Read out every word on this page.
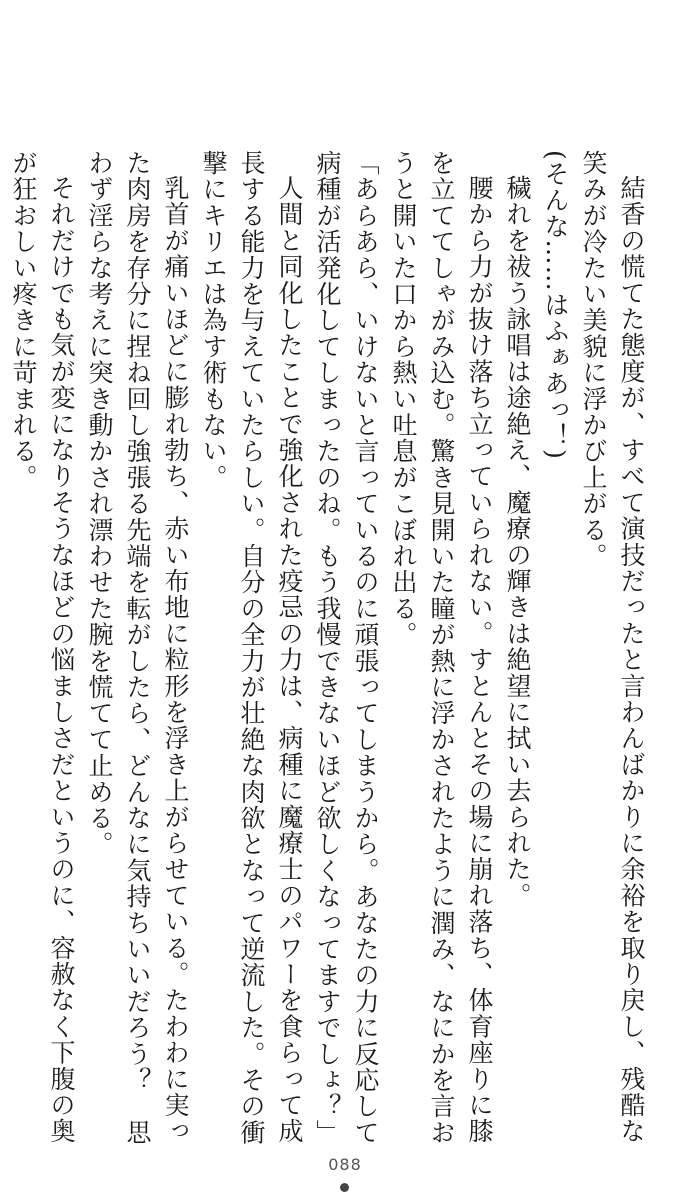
結香の慌てた態度が、すべて演技だったと言わんばかりに余裕を取り戻し、残酷な笑みが冷たい美貌に浮かび上がる。

(そんな……はふぁあっ！)

穢れを祓う詠唱は途絶え、魔療の輝きは絶望に拭い去られた。

腰から力が抜け落ち立っていられない。すとんとその場に崩れ落ち、体育座りに膝を立ててしゃがみ込む。驚き見開いた瞳が熱に浮かされたように潤み、なにかを言おうと開いた口から熱い吐息がこぼれ出る。

「あらあら、いけないと言っているのに頑張ってしまうから。あなたの力に反応して病種が活発化してしまったのね。もう我慢できないほど欲しくなってますでしょ？」

人間と同化したことで強化された疫忌の力は、病種に魔療士のパワーを食らって成長する能力を与えていたらしい。自分の全力が壮絶な肉欲となって逆流した。その衝撃にキリエは為す術もない。

乳首が痛いほどに膨れ勃ち、赤い布地に粒形を浮き上がらせている。たわわに実った肉房を存分に捏ね回し強張る先端を転がしたら、どんなに気持ちいいだろう？　思わず淫らな考えに突き動かされ漂わせた腕を慌てて止める。

それだけでも気が変になりそうなほどの悩ましさだというのに、容赦なく下腹の奥が狂おしい疼きに苛まれる。

088
